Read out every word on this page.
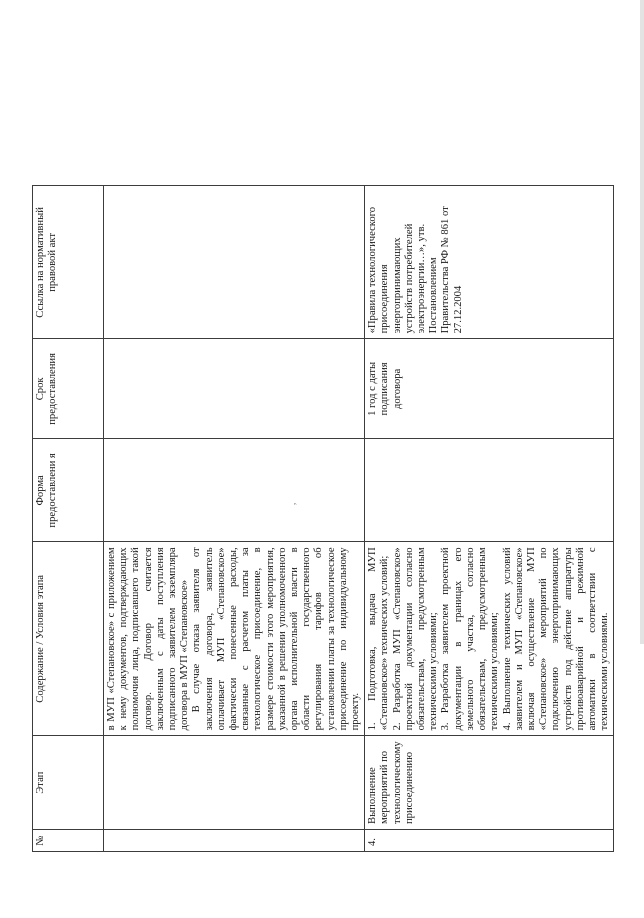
№	Этап	Содержание / Условия этапа	Форма предоставлени я	Срок предоставления	Ссылка на нормативный правовой акт

		в МУП «Степановское» с приложением к нему документов, подтверждающих полномочия лица, подписавшего такой договор. Договор считается заключенным с даты поступления подписанного заявителем экземпляра договора в МУП «Степановское» В случае отказа заявителя от заключения договора, заявитель оплачивает МУП «Степановское» фактически понесенные расходы, связанные с расчетом платы за технологическое присоединение, в размере стоимости этого мероприятия, указанной в решении уполномоченного органа исполнительной власти в области государственного регулирования тарифов об установлении платы за технологическое присоединение по индивидуальному проекту.			

4.	Выполнение мероприятий по технологическому присоединению	1. Подготовка, выдача МУП «Степановское» технических условий; 2. Разработка МУП «Степановское» проектной документации согласно обязательствам, предусмотренным техническими условиями; 3. Разработка заявителем проектной документации в границах его земельного участка, согласно обязательствам, предусмотренным техническими условиями; 4. Выполнение технических условий заявителем и МУП «Степановское» включая осуществление МУП «Степановское» мероприятий по подключению энергопринимающих устройств под действие аппаратуры противоаварийной и режимной автоматики в соответствии с техническими условиями.		1 год с даты подписания договора	«Правила технологического присоединения энергопринимающих устройств потребителей электроэнергии…», утв. Постановлением Правительства РФ № 861 от 27.12.2004
,
